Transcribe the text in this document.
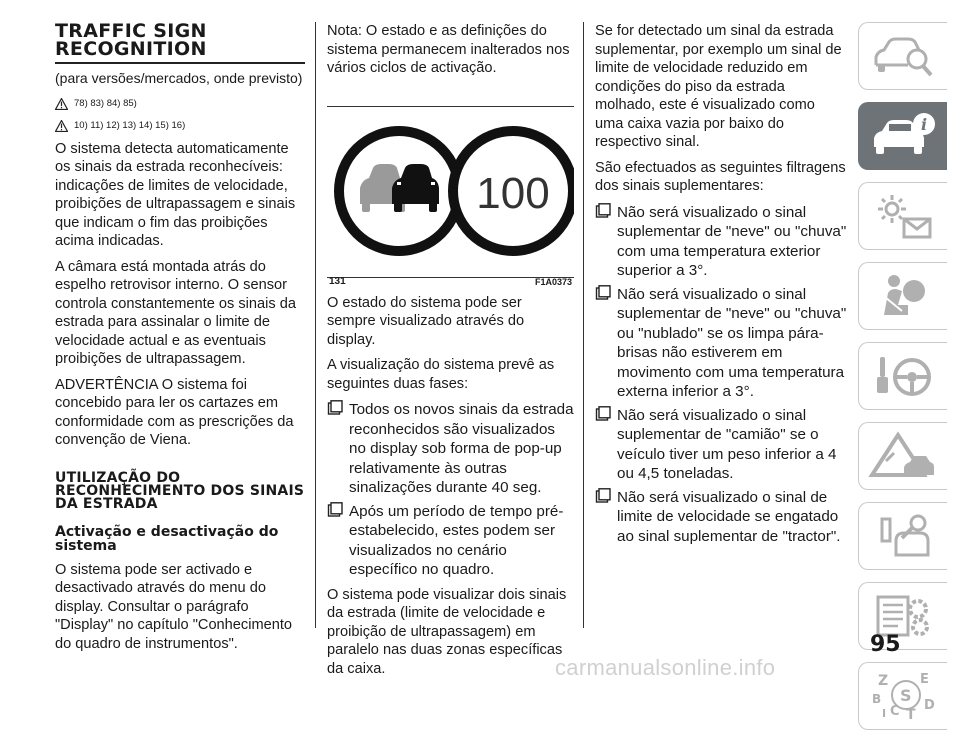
TRAFFIC SIGN
RECOGNITION

(para versões/mercados, onde previsto)

78) 83) 84) 85)
10) 11) 12) 13) 14) 15) 16)

O sistema detecta automaticamente os sinais da estrada reconhecíveis: indicações de limites de velocidade, proibições de ultrapassagem e sinais que indicam o fim das proibições acima indicadas.

A câmara está montada atrás do espelho retrovisor interno. O sensor controla constantemente os sinais da estrada para assinalar o limite de velocidade actual e as eventuais proibições de ultrapassagem.

ADVERTÊNCIA O sistema foi concebido para ler os cartazes em conformidade com as prescrições da convenção de Viena.

UTILIZAÇÃO DO RECONHECIMENTO DOS SINAIS DA ESTRADA
Activação e desactivação do sistema

O sistema pode ser activado e desactivado através do menu do display. Consultar o parágrafo "Display" no capítulo "Conhecimento do quadro de instrumentos".

Nota: O estado e as definições do sistema permanecem inalterados nos vários ciclos de activação.

100
131	F1A0373

O estado do sistema pode ser sempre visualizado através do display.

A visualização do sistema prevê as seguintes duas fases:

Todos os novos sinais da estrada reconhecidos são visualizados no display sob forma de pop-up relativamente às outras sinalizações durante 40 seg.
Após um período de tempo pré-estabelecido, estes podem ser visualizados no cenário específico no quadro.

O sistema pode visualizar dois sinais da estrada (limite de velocidade e proibição de ultrapassagem) em paralelo nas duas zonas específicas da caixa.

Se for detectado um sinal da estrada suplementar, por exemplo um sinal de limite de velocidade reduzido em condições do piso da estrada molhado, este é visualizado como uma caixa vazia por baixo do respectivo sinal.

São efectuados as seguintes filtragens dos sinais suplementares:

Não será visualizado o sinal suplementar de "neve" ou "chuva" com uma temperatura exterior superior a 3°.
Não será visualizado o sinal suplementar de "neve" ou "chuva" ou "nublado" se os limpa pára-brisas não estiverem em movimento com uma temperatura externa inferior a 3°.
Não será visualizado o sinal suplementar de "camião" se o veículo tiver um peso inferior a 4 ou 4,5 toneladas.
Não será visualizado o sinal de limite de velocidade se engatado ao sinal suplementar de "tractor".
i
Z E
S
B	D
C T
I
95
carmanualsonline.info
